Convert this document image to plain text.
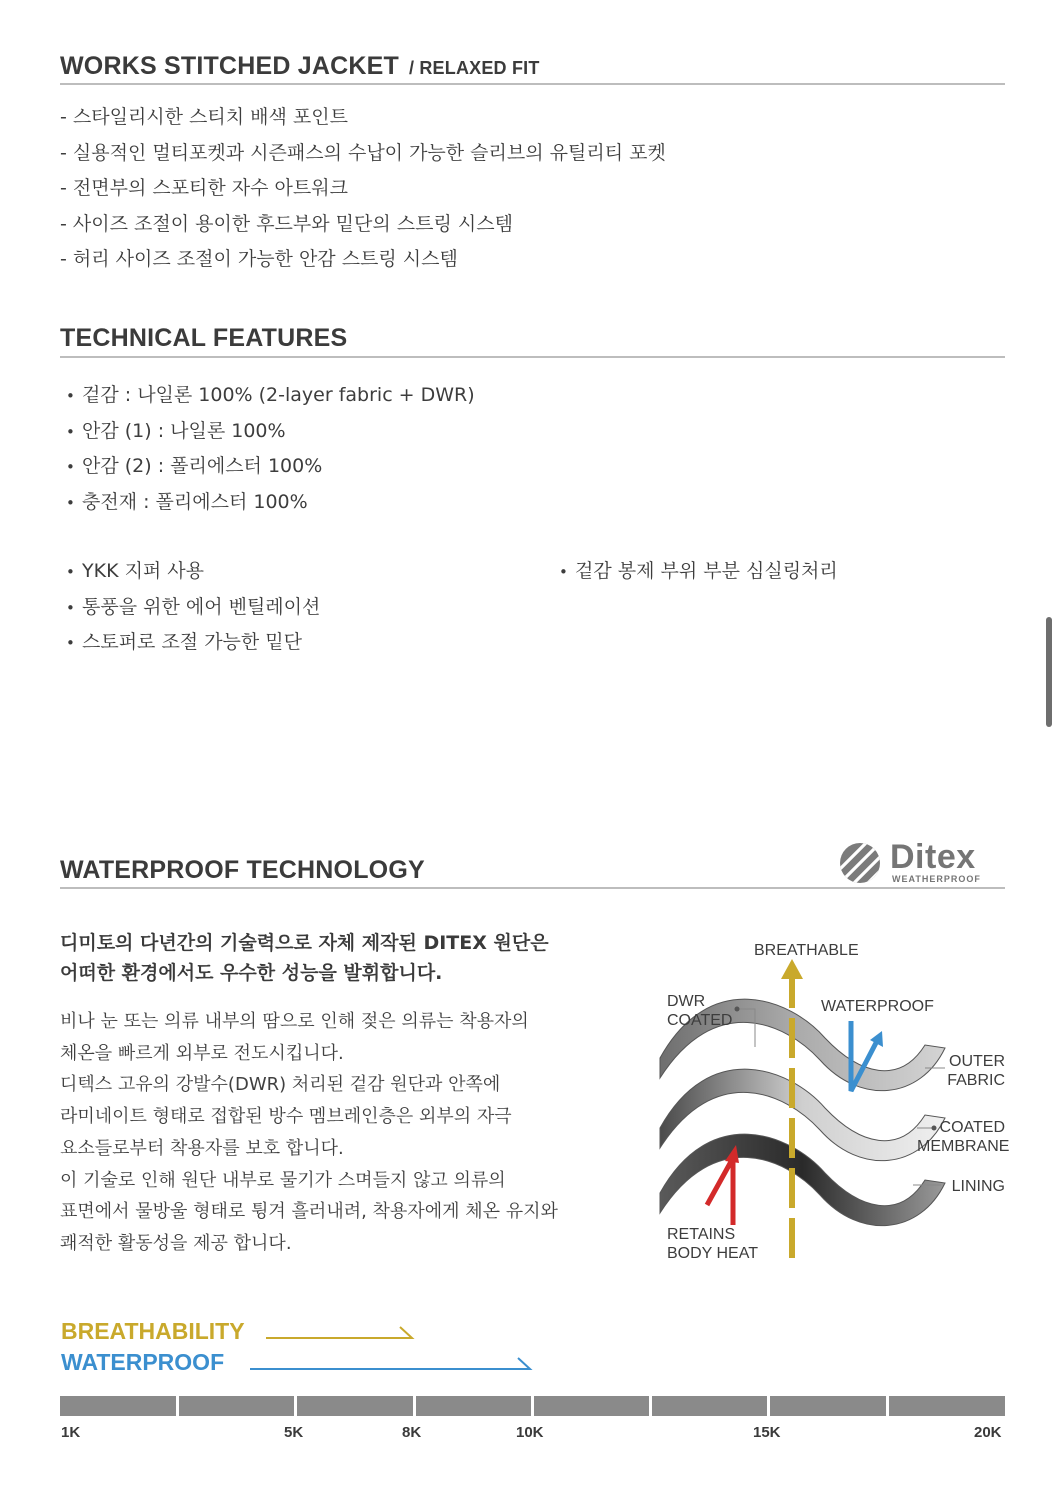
WORKS STITCHED JACKET / RELAXED FIT
- 스타일리시한 스티치 배색 포인트
- 실용적인 멀티포켓과 시즌패스의 수납이 가능한 슬리브의 유틸리티 포켓
- 전면부의 스포티한 자수 아트워크
- 사이즈 조절이 용이한 후드부와 밑단의 스트링 시스템
- 허리 사이즈 조절이 가능한 안감 스트링 시스템
TECHNICAL FEATURES
• 겉감 : 나일론 100% (2-layer fabric + DWR)
• 안감 (1) : 나일론 100%
• 안감 (2) : 폴리에스터 100%
• 충전재 : 폴리에스터 100%
• YKK 지퍼 사용
• 통풍을 위한 에어 벤틸레이션
• 스토퍼로 조절 가능한 밑단
• 겉감 봉제 부위 부분 심실링처리
WATERPROOF TECHNOLOGY	Ditex
WEATHERPROOF

디미토의 다년간의 기술력으로 자체 제작된 DITEX 원단은

어떠한 환경에서도 우수한 성능을 발휘합니다.

비나 눈 또는 의류 내부의 땀으로 인해 젖은 의류는 착용자의

체온을 빠르게 외부로 전도시킵니다.

디텍스 고유의 강발수(DWR) 처리된 겉감 원단과 안쪽에

라미네이트 형태로 접합된 방수 멤브레인층은 외부의 자극

요소들로부터 착용자를 보호 합니다.

이 기술로 인해 원단 내부로 물기가 스며들지 않고 의류의

표면에서 물방울 형태로 튕겨 흘러내려, 착용자에게 체온 유지와

쾌적한 활동성을 제공 합니다.

BREATHABLE
WATERPROOF
DWR
COATED
OUTER
FABRIC
COATED
MEMBRANE
LINING
RETAINS
BODY HEAT
BREATHABILITY
WATERPROOF
1K	5K	8K	10K	15K	20K
